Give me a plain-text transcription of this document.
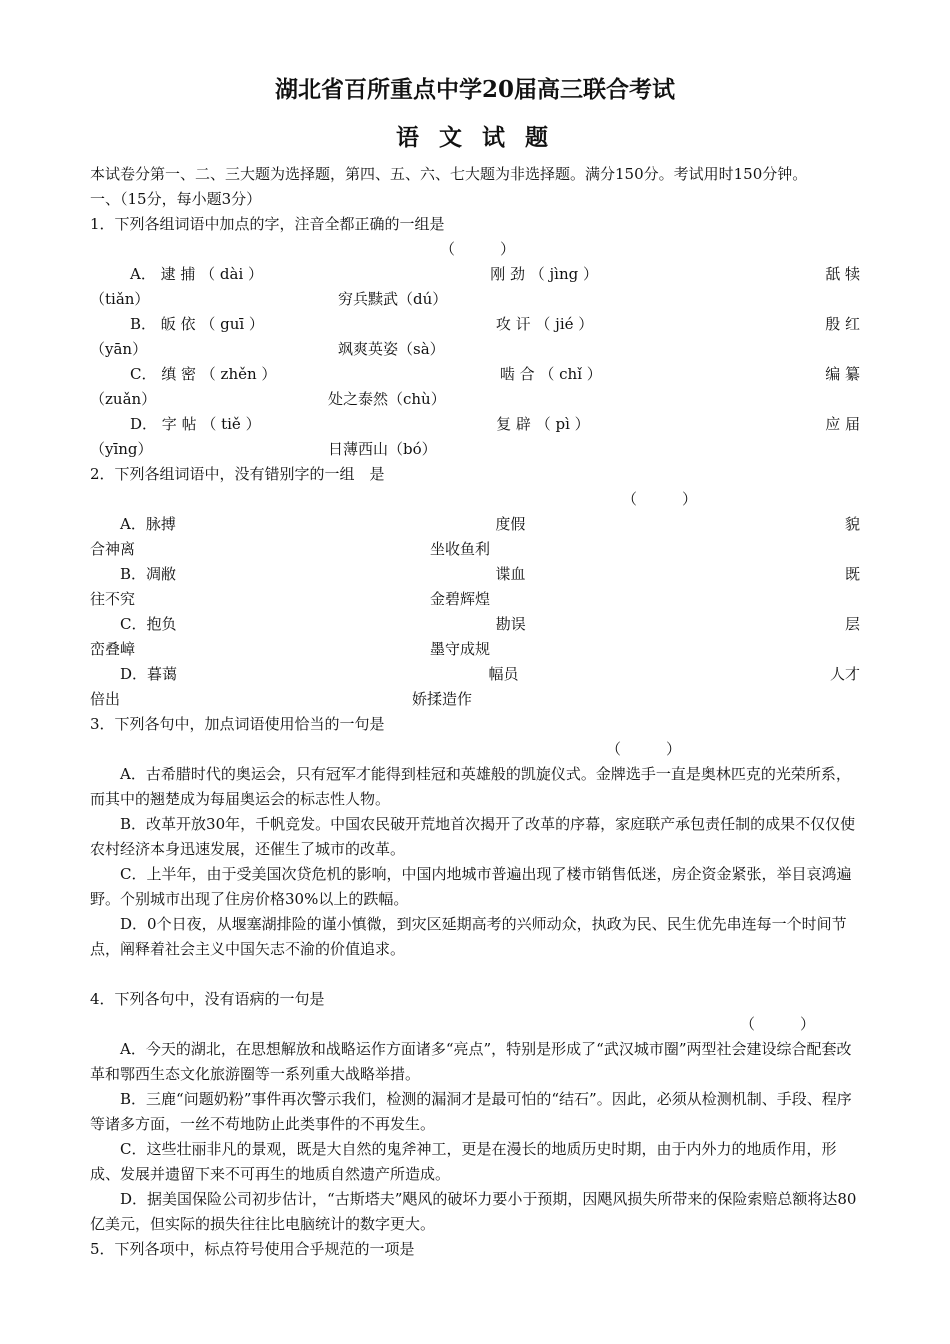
湖北省百所重点中学20届高三联合考试
语 文 试 题
本试卷分第一、二、三大题为选择题，第四、五、六、七大题为非选择题。满分150分。考试用时150分钟。
一、（15分，每小题3分）
1．下列各组词语中加点的字，注音全都正确的一组是
（　　　）
A． 逮 捕 （ dài ）	刚 劲 （ jìng ）	舐 犊
（tiǎn）	穷兵黩武（dú）
B． 皈 依 （ guī ）	攻 讦 （ jié ）	殷 红
（yān）	飒爽英姿（sà）
C． 缜 密 （ zhěn ）	啮 合 （ chǐ ）	编 纂
（zuǎn）	处之泰然（chù）
D． 字 帖 （ tiě ）	复 辟 （ pì ）	应 届
（yīng）	日薄西山（bó）
2．下列各组词语中，没有错别字的一组　是
（　　　）
A．脉搏	度假	貌
合神离	坐收鱼利
B．凋敝	谍血	既
往不究	金碧辉煌
C．抱负	勘误	层
峦叠嶂	墨守成规
D．暮蔼	幅员	人才
倍出	娇揉造作
3．下列各句中，加点词语使用恰当的一句是
（　　　）
A．古希腊时代的奥运会，只有冠军才能得到桂冠和英雄般的凯旋仪式。金牌选手一直是奥林匹克的光荣所系，而其中的翘楚成为每届奥运会的标志性人物。
B．改革开放30年，千帆竞发。中国农民破开荒地首次揭开了改革的序幕，家庭联产承包责任制的成果不仅仅使农村经济本身迅速发展，还催生了城市的改革。
C．上半年，由于受美国次贷危机的影响，中国内地城市普遍出现了楼市销售低迷，房企资金紧张，举目哀鸿遍野。个别城市出现了住房价格30%以上的跌幅。
D．0个日夜，从堰塞湖排险的谨小慎微，到灾区延期高考的兴师动众，执政为民、民生优先串连每一个时间节点，阐释着社会主义中国矢志不渝的价值追求。
4．下列各句中，没有语病的一句是
（　　　）
A．今天的湖北，在思想解放和战略运作方面诸多“亮点”，特别是形成了“武汉城市圈”两型社会建设综合配套改革和鄂西生态文化旅游圈等一系列重大战略举措。
B．三鹿“问题奶粉”事件再次警示我们，检测的漏洞才是最可怕的“结石”。因此，必须从检测机制、手段、程序等诸多方面，一丝不苟地防止此类事件的不再发生。
C．这些壮丽非凡的景观，既是大自然的鬼斧神工，更是在漫长的地质历史时期，由于内外力的地质作用，形成、发展并遗留下来不可再生的地质自然遗产所造成。
D．据美国保险公司初步估计，“古斯塔夫”飓风的破坏力要小于预期，因飓风损失所带来的保险索赔总额将达80亿美元，但实际的损失往往比电脑统计的数字更大。
5．下列各项中，标点符号使用合乎规范的一项是
